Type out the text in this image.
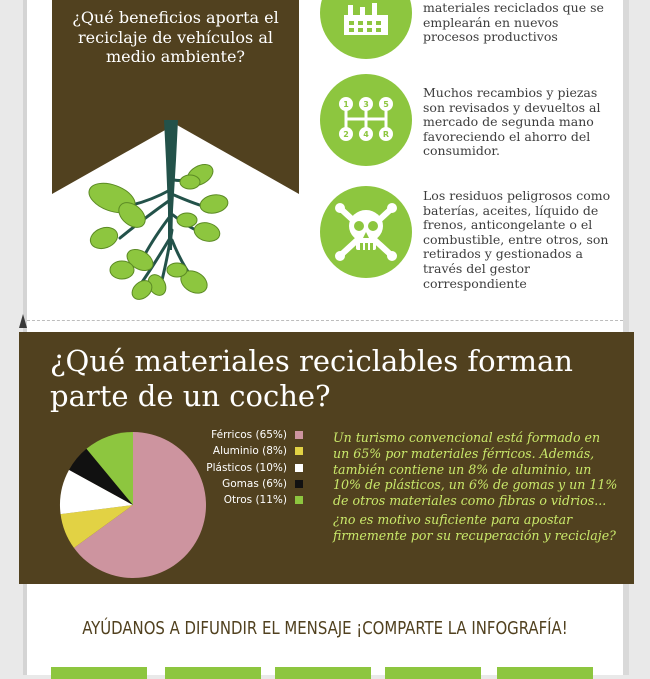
¿Qué beneficios aporta el reciclaje de vehículos al medio ambiente?
materiales reciclados que se emplearán en nuevos procesos productivos
1 3 5
2 4 R
Muchos recambios y piezas son revisados y devueltos al mercado de segunda mano favoreciendo el ahorro del consumidor.
Los residuos peligrosos como baterías, aceites, líquido de frenos, anticongelante o el combustible, entre otros, son retirados y gestionados a través del gestor correspondiente
¿Qué materiales reciclables forman parte de un coche?
Férricos (65%)
Aluminio (8%)
Plásticos (10%)
Gomas (6%)
Otros (11%)
Un turismo convencional está formado en un 65% por materiales férricos. Además, también contiene un 8% de aluminio, un 10% de plásticos, un 6% de gomas y un 11% de otros materiales como fibras o vidrios...
¿no es motivo suficiente para apostar firmemente por su recuperación y reciclaje?
AYÚDANOS A DIFUNDIR EL MENSAJE ¡COMPARTE LA INFOGRAFÍA!
